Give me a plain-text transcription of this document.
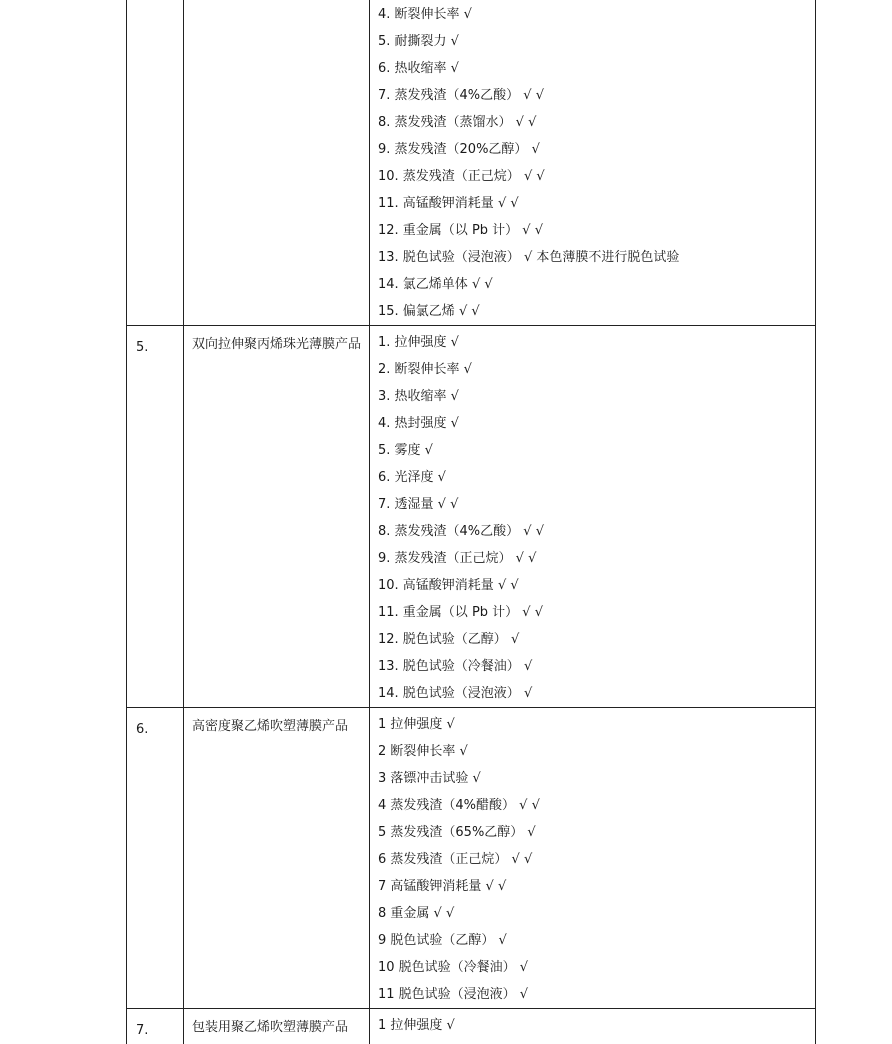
4. 断裂伸长率 √
5. 耐撕裂力 √
6. 热收缩率 √
7. 蒸发残渣（4%乙酸） √ √
8. 蒸发残渣（蒸馏水） √ √
9. 蒸发残渣（20%乙醇） √
10. 蒸发残渣（正己烷） √ √
11. 高锰酸钾消耗量 √ √
12. 重金属（以 Pb 计） √ √
13. 脱色试验（浸泡液） √ 本色薄膜不进行脱色试验
14. 氯乙烯单体 √ √
15. 偏氯乙烯 √ √
5.	双向拉伸聚丙烯珠光薄膜产品	1. 拉伸强度 √
2. 断裂伸长率 √
3. 热收缩率 √
4. 热封强度 √
5. 雾度 √
6. 光泽度 √
7. 透湿量 √ √
8. 蒸发残渣（4%乙酸） √ √
9. 蒸发残渣（正己烷） √ √
10. 高锰酸钾消耗量 √ √
11. 重金属（以 Pb 计） √ √
12. 脱色试验（乙醇） √
13. 脱色试验（冷餐油） √
14. 脱色试验（浸泡液） √
6.	高密度聚乙烯吹塑薄膜产品	1 拉伸强度 √
2 断裂伸长率 √
3 落镖冲击试验 √
4 蒸发残渣（4%醋酸） √ √
5 蒸发残渣（65%乙醇） √
6 蒸发残渣（正己烷） √ √
7 高锰酸钾消耗量 √ √
8 重金属 √ √
9 脱色试验（乙醇） √
10 脱色试验（冷餐油） √
11 脱色试验（浸泡液） √
7.	包装用聚乙烯吹塑薄膜产品	1 拉伸强度 √
